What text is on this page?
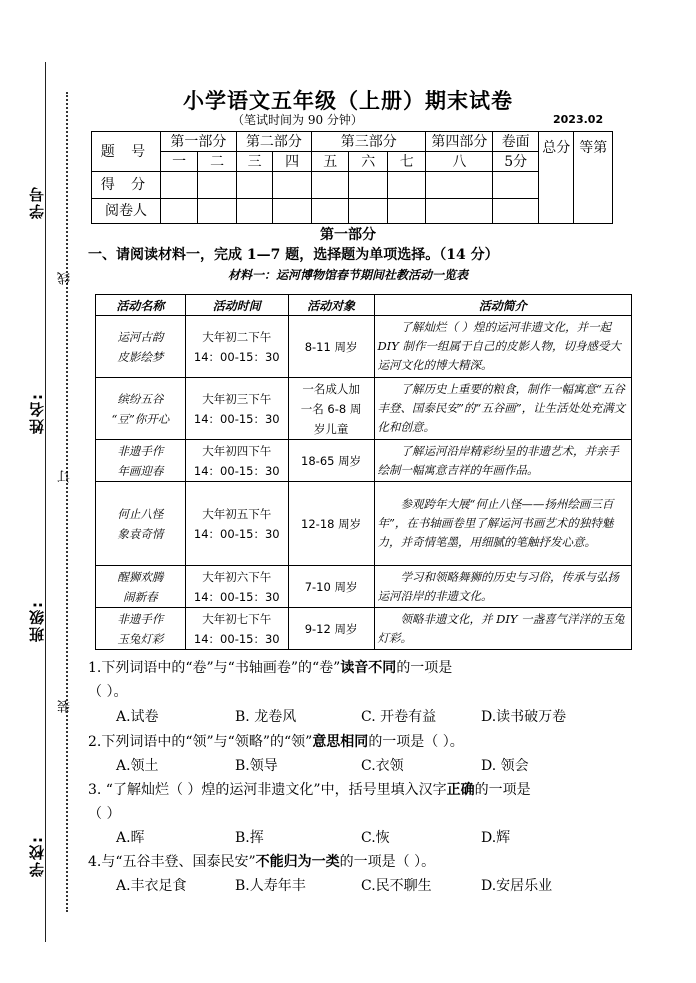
学号
姓名:
班级:
学校:
线
订
装
小学语文五年级（上册）期末试卷
（笔试时间为 90 分钟）	2023.02
题 号	第一部分		第二部分		第三部分			第四部分	卷面	总分	等第
	一	二	三	四	五	六	七	八	5分		
得 分											
阅卷人											
第一部分
一、请阅读材料一，完成 1—7 题，选择题为单项选择。（14 分）
材料一：运河博物馆春节期间社教活动一览表
活动名称	活动时间	活动对象	活动简介
运河古韵
皮影绘梦	大年初二下午
14：00-15：30	8-11 周岁	了解灿烂（ ）煌的运河非遗文化，并一起 DIY 制作一组属于自己的皮影人物，切身感受大运河文化的博大精深。
缤纷五谷
“豆”你开心	大年初三下午
14：00-15：30	一名成人加
一名 6-8 周
岁儿童	了解历史上重要的粮食，制作一幅寓意“五谷丰登、国泰民安”的“五谷画”，让生活处处充满文化和创意。
非遗手作
年画迎春	大年初四下午
14：00-15：30	18-65 周岁	了解运河沿岸精彩纷呈的非遗艺术，并亲手绘制一幅寓意吉祥的年画作品。
何止八怪
象袁奇情	大年初五下午
14：00-15：30	12-18 周岁	参观跨年大展“何止八怪——扬州绘画三百年”，在书轴画卷里了解运河书画艺术的独特魅力，并奇情笔墨，用细腻的笔触抒发心意。
醒狮欢腾
闹新春	大年初六下午
14：00-15：30	7-10 周岁	学习和领略舞狮的历史与习俗，传承与弘扬运河沿岸的非遗文化。
非遗手作
玉兔灯彩	大年初七下午
14：00-15：30	9-12 周岁	领略非遗文化，并 DIY 一盏喜气洋洋的玉兔灯彩。
1.下列词语中的“卷”与“书轴画卷”的“卷”读音不同的一项是
（ ）。
A.试卷	B. 龙卷风	C. 开卷有益	D.读书破万卷
2.下列词语中的“领”与“领略”的“领”意思相同的一项是（ ）。
A.领土	B.领导	C.衣领	D. 领会
3. “了解灿烂（ ）煌的运河非遗文化”中，括号里填入汉字正确的一项是
（ ）
A.晖	B.挥	C.恢	D.辉
4.与“五谷丰登、国泰民安”不能归为一类的一项是（ ）。
A.丰衣足食	B.人寿年丰	C.民不聊生	D.安居乐业
